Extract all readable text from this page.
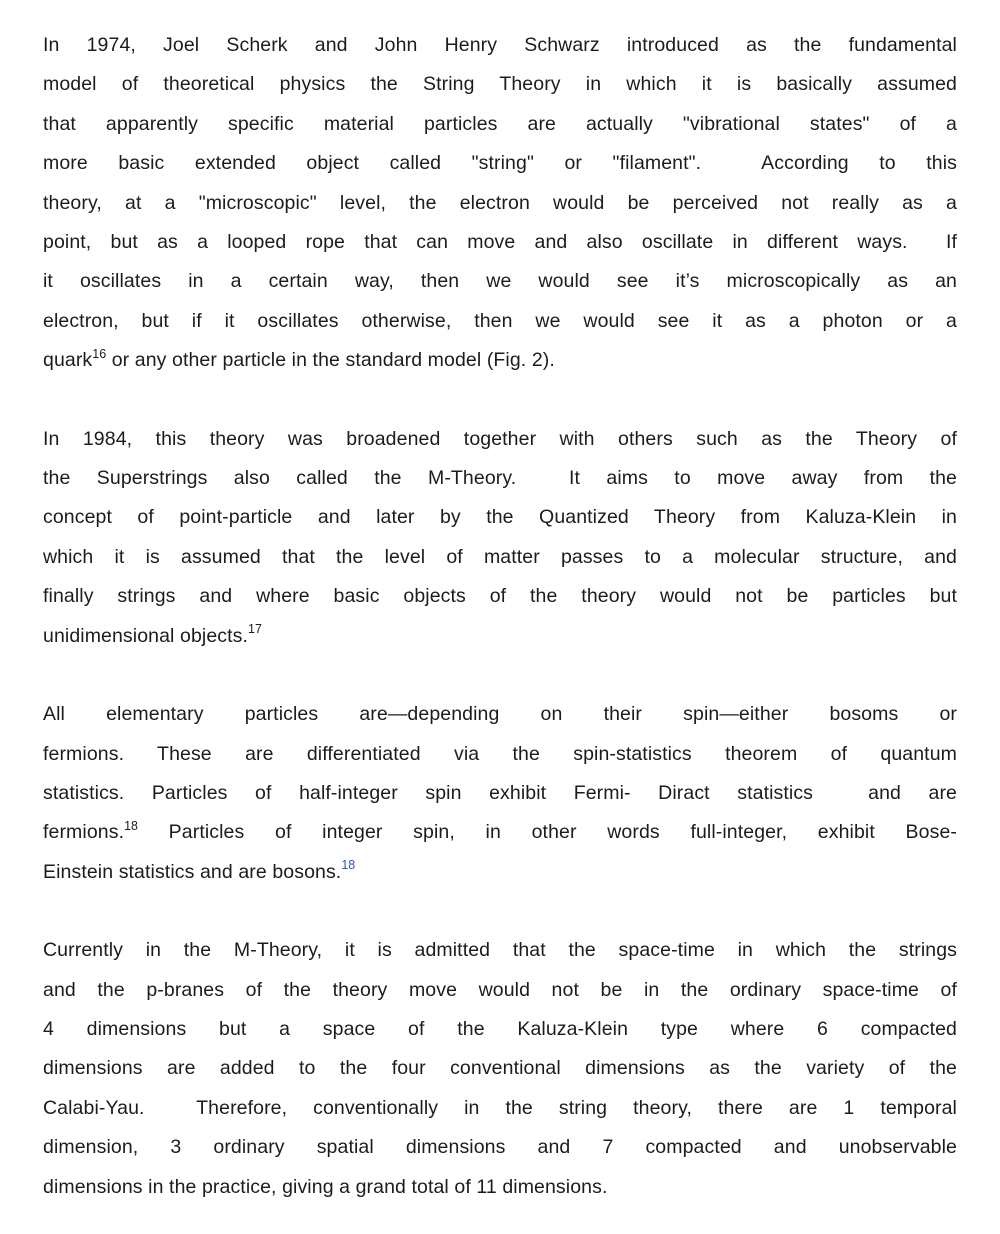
In 1974, Joel Scherk and John Henry Schwarz introduced as the fundamental
model of theoretical physics the String Theory in which it is basically assumed
that apparently specific material particles are actually "vibrational states" of a
more basic extended object called "string" or "filament".  According to this
theory, at a "microscopic" level, the electron would be perceived not really as a
point, but as a looped rope that can move and also oscillate in different ways.  If
it oscillates in a certain way, then we would see it’s microscopically as an
electron, but if it oscillates otherwise, then we would see it as a photon or a
quark$^{16}$ or any other particle in the standard model (Fig. 2).
In 1984, this theory was broadened together with others such as the Theory of
the Superstrings also called the M-Theory.  It aims to move away from the
concept of point-particle and later by the Quantized Theory from Kaluza-Klein in
which it is assumed that the level of matter passes to a molecular structure, and
finally strings and where basic objects of the theory would not be particles but
unidimensional objects.$^{17}$
All elementary particles are—depending on their spin—either bosoms or
fermions. These are differentiated via the spin-statistics theorem of quantum
statistics. Particles of half-integer spin exhibit Fermi- Diract statistics  and are
fermions.$^{18}$ Particles of integer spin, in other words full-integer, exhibit Bose-
Einstein statistics and are bosons.$^{18}$
Currently in the M-Theory, it is admitted that the space-time in which the strings
and the p-branes of the theory move would not be in the ordinary space-time of
4 dimensions but a space of the Kaluza-Klein type where 6 compacted
dimensions are added to the four conventional dimensions as the variety of the
Calabi-Yau.  Therefore, conventionally in the string theory, there are 1 temporal
dimension, 3 ordinary spatial dimensions and 7 compacted and unobservable
dimensions in the practice, giving a grand total of 11 dimensions.
